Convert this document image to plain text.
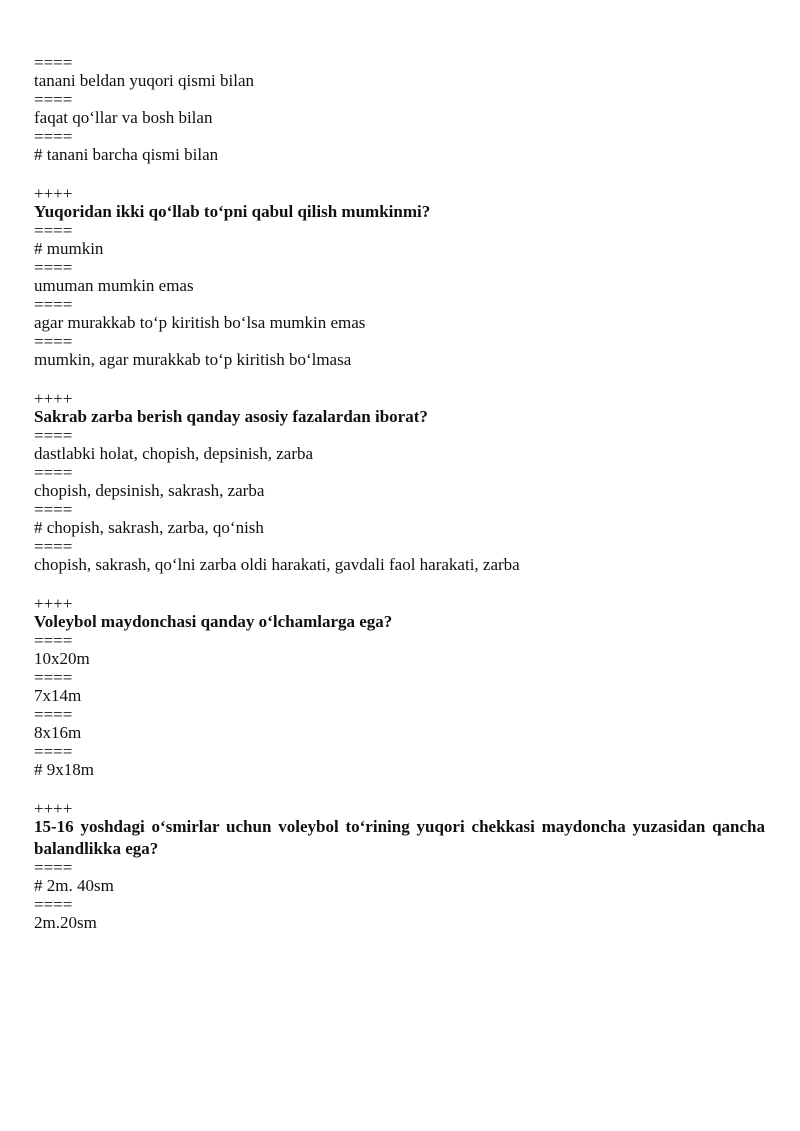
====
tanani beldan yuqori qismi bilan
====
faqat qo‘llar va bosh bilan
====
# tanani barcha qismi bilan
++++
Yuqoridan ikki qo‘llab to‘pni qabul qilish mumkinmi?
====
# mumkin
====
umuman mumkin emas
====
agar murakkab to‘p kiritish bo‘lsa mumkin emas
====
mumkin, agar murakkab to‘p kiritish bo‘lmasa
++++
Sakrab zarba berish qanday asosiy fazalardan iborat?
====
dastlabki holat, chopish, depsinish, zarba
====
chopish, depsinish, sakrash, zarba
====
# chopish, sakrash, zarba, qo‘nish
====
chopish, sakrash, qo‘lni zarba oldi harakati, gavdali faol harakati, zarba
++++
Voleybol maydonchasi qanday o‘lchamlarga ega?
====
10x20m
====
7x14m
====
8x16m
====
# 9x18m
++++
15-16 yoshdagi o‘smirlar uchun voleybol to‘rining yuqori chekkasi maydoncha yuzasidan qancha balandlikka ega?
====
# 2m. 40sm
====
2m.20sm
